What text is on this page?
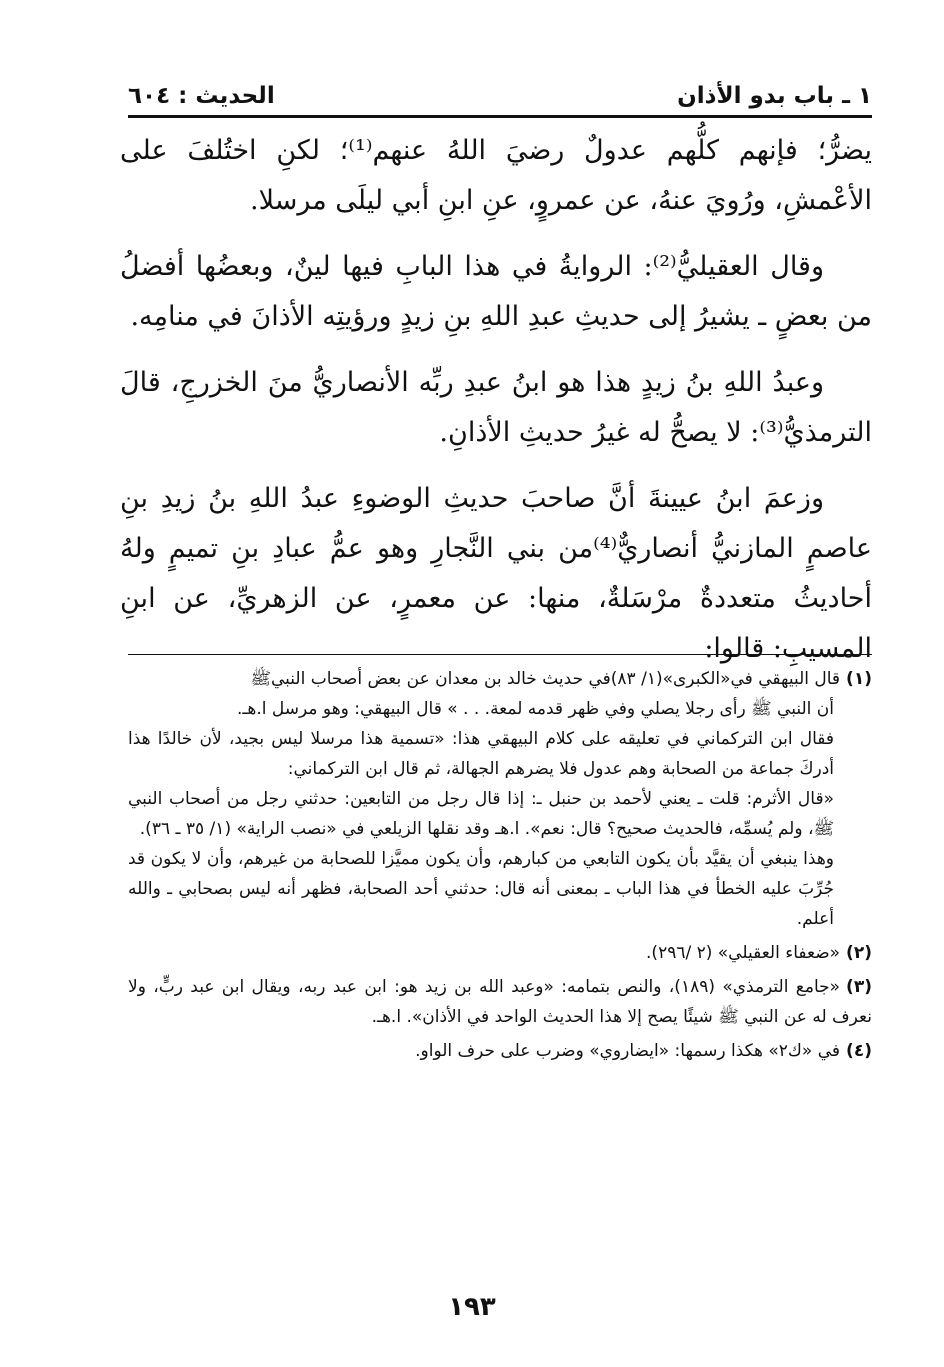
١ ـ باب بدو الأذان
الحديث : ٦٠٤

يضرُّ؛ فإنهم كلُّهم عدولٌ رضيَ اللهُ عنهم⁽¹⁾؛ لكنِ اختُلفَ على الأعْمشِ، ورُويَ عنهُ، عن عمروٍ، عنِ ابنِ أبي ليلَى مرسلا.

وقال العقيليُّ⁽²⁾: الروايةُ في هذا البابِ فيها لينٌ، وبعضُها أفضلُ من بعضٍ ـ يشيرُ إلى حديثِ عبدِ اللهِ بنِ زيدٍ ورؤيتِه الأذانَ في منامِه.

وعبدُ اللهِ بنُ زيدٍ هذا هو ابنُ عبدِ ربِّه الأنصاريُّ منَ الخزرجِ، قالَ الترمذيُّ⁽³⁾: لا يصحُّ له غيرُ حديثِ الأذانِ.

وزعمَ ابنُ عيينةَ أنَّ صاحبَ حديثِ الوضوءِ عبدُ اللهِ بنُ زيدِ بنِ عاصمٍ المازنيُّ أنصاريٌّ⁽⁴⁾من بني النَّجارِ وهو عمُّ عبادِ بنِ تميمٍ ولهُ أحاديثُ متعددةٌ مرْسَلةٌ، منها: عن معمرٍ، عن الزهريِّ، عن ابنِ المسيبِ: قالوا:

(١)قال البيهقي في«الكبرى»(١/ ٨٣)في حديث خالد بن معدان عن بعض أصحاب النبيﷺ

أن النبي ﷺ رأى رجلا يصلي وفي ظهر قدمه لمعة. . . » قال البيهقي: وهو مرسل ا.هـ.

فقال ابن التركماني في تعليقه على كلام البيهقي هذا: «تسمية هذا مرسلا ليس بجيد، لأن خالدًا هذا أدركَ جماعة من الصحابة وهم عدول فلا يضرهم الجهالة، ثم قال ابن التركماني:

«قال الأثرم: قلت ـ يعني لأحمد بن حنبل ـ: إذا قال رجل من التابعين: حدثني رجل من أصحاب النبي ﷺ، ولم يُسمِّه، فالحديث صحيح؟ قال: نعم». ا.هـ وقد نقلها الزيلعي في «نصب الراية» (١/ ٣٥ ـ ٣٦).

وهذا ينبغي أن يقيَّد بأن يكون التابعي من كبارهم، وأن يكون مميَّزا للصحابة من غيرهم، وأن لا يكون قد جُرِّبَ عليه الخطأ في هذا الباب ـ بمعنى أنه قال: حدثني أحد الصحابة، فظهر أنه ليس بصحابي ـ والله أعلم.

(٢)«ضعفاء العقيلي» (٢ /٢٩٦).

(٣)«جامع الترمذي» (١٨٩)، والنص بتمامه: «وعبد الله بن زيد هو: ابن عبد ربه، ويقال ابن عبد ربٍّ، ولا نعرف له عن النبي ﷺ شيئًا يصح إلا هذا الحديث الواحد في الأذان». ا.هـ.

(٤)في «ك٢» هكذا رسمها: «ايضاروي» وضرب على حرف الواو.

١٩٣
